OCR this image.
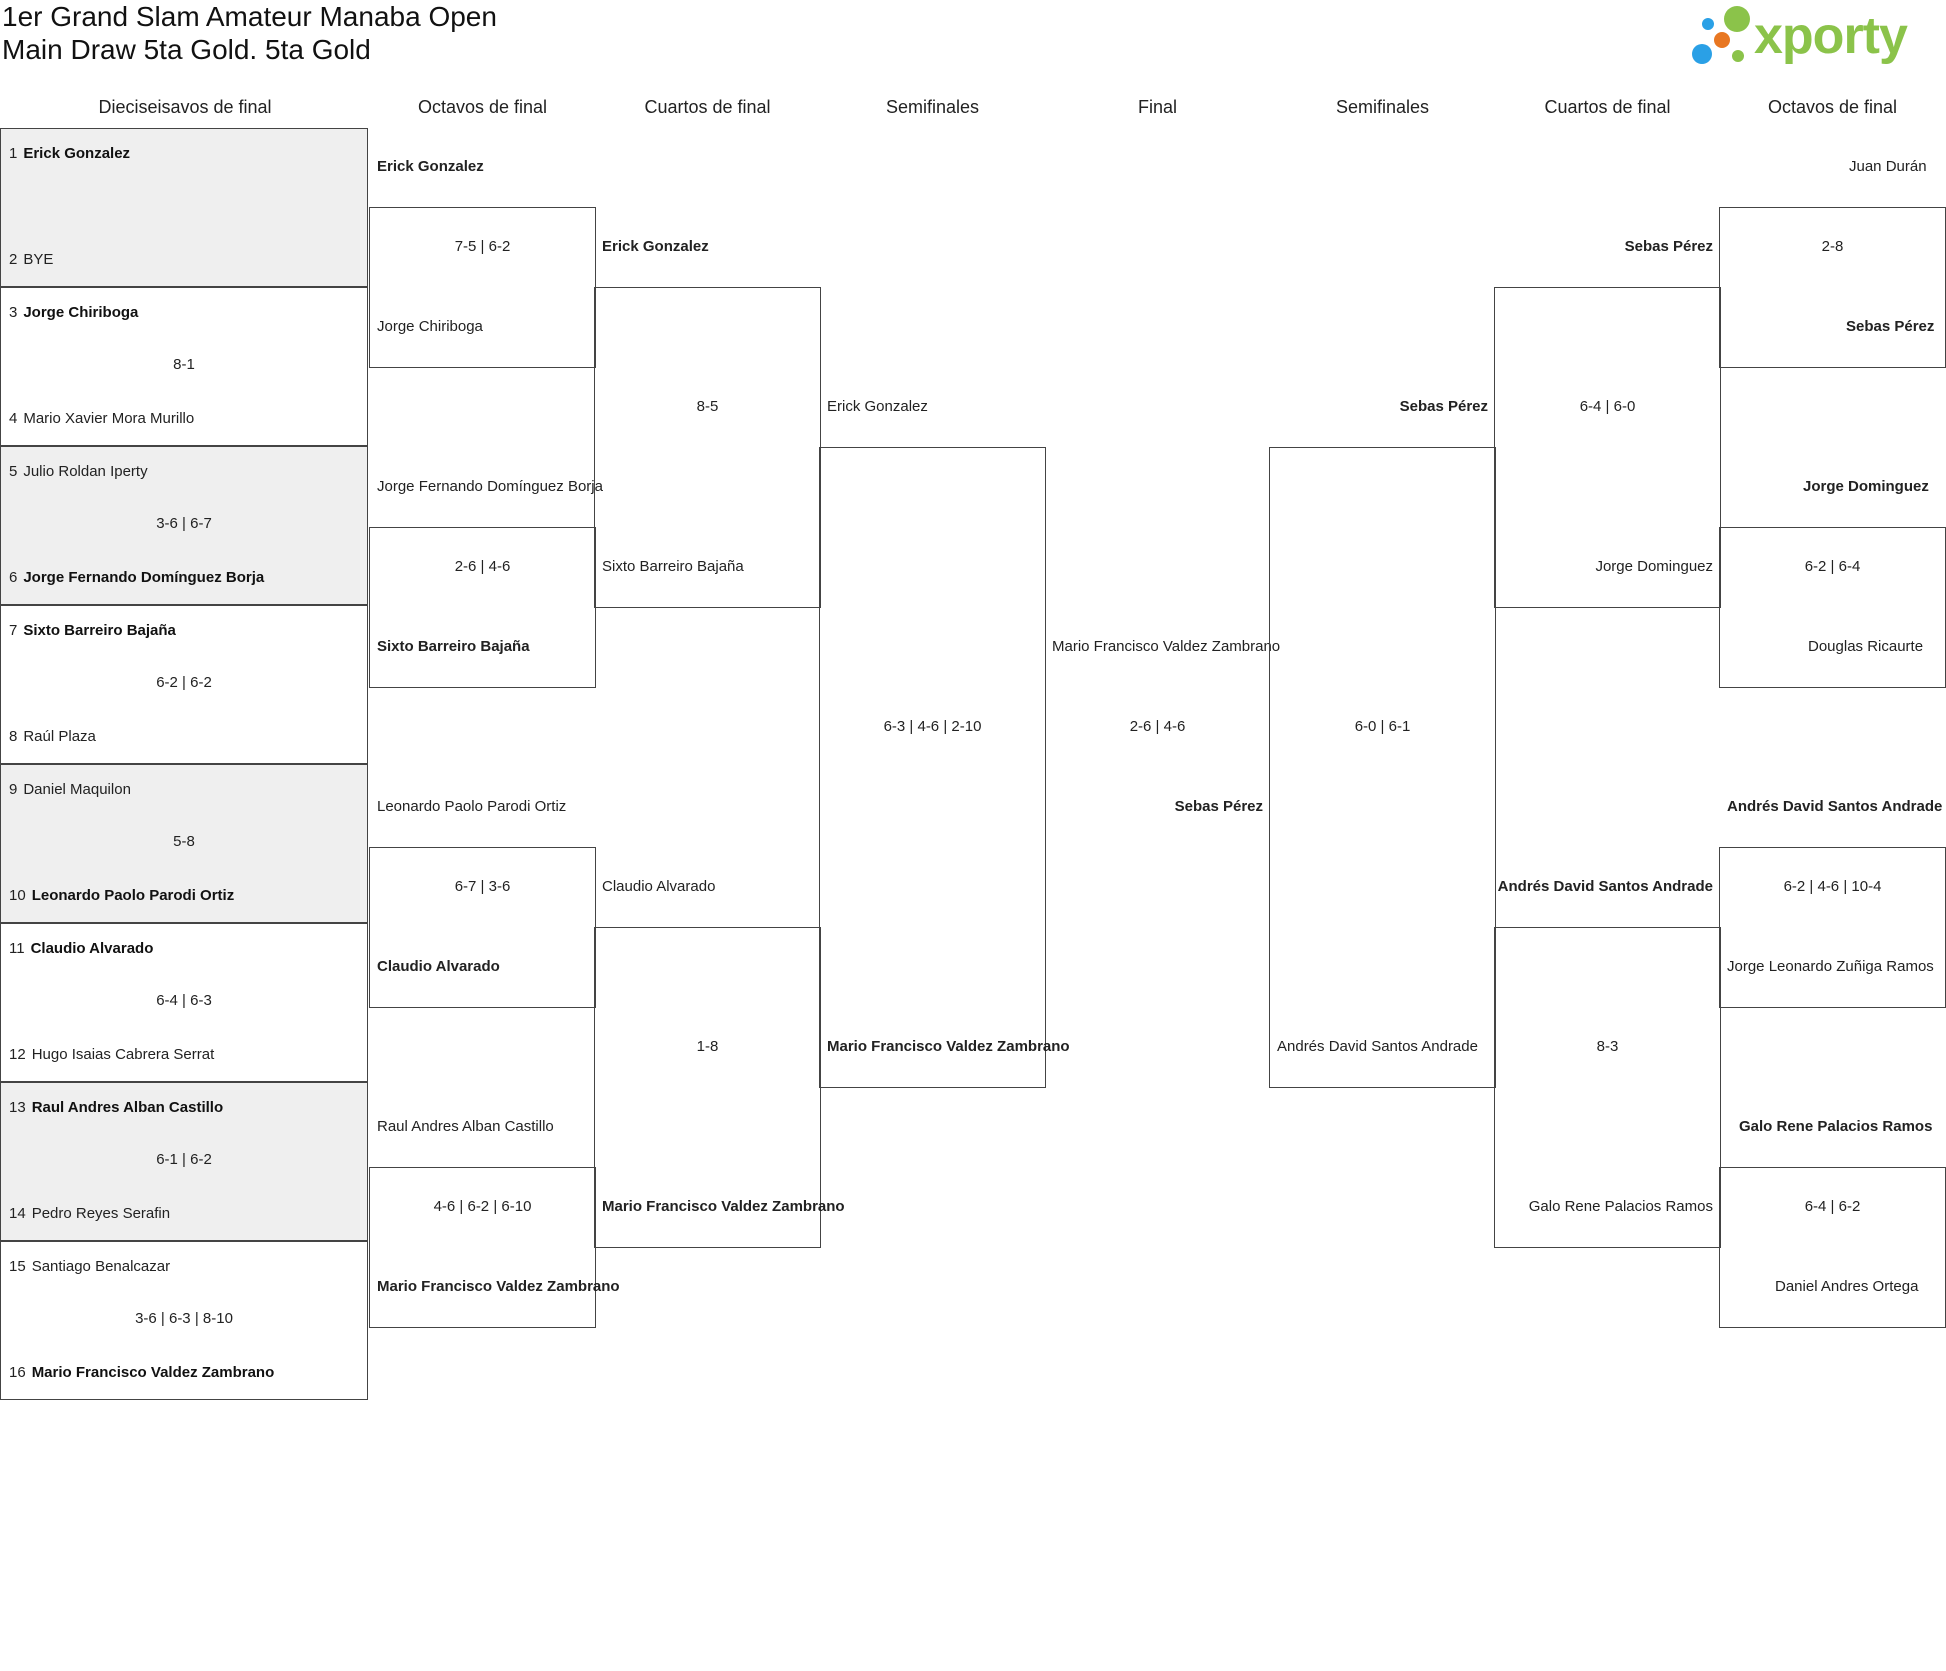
1er Grand Slam Amateur Manaba Open
Main Draw 5ta Gold. 5ta Gold	xporty
Dieciseisavos de final	Octavos de final	Cuartos de final	Semifinales	Final	Semifinales	Cuartos de final	Octavos de final
1 Erick Gonzalez
2 BYE
3 Jorge Chiriboga
8-1
4 Mario Xavier Mora Murillo
5 Julio Roldan Iperty
3-6 | 6-7
6 Jorge Fernando Domínguez Borja
7 Sixto Barreiro Bajaña
6-2 | 6-2
8 Raúl Plaza
9 Daniel Maquilon
5-8
10 Leonardo Paolo Parodi Ortiz
11 Claudio Alvarado
6-4 | 6-3
12 Hugo Isaias Cabrera Serrat
13 Raul Andres Alban Castillo
6-1 | 6-2
14 Pedro Reyes Serafin
15 Santiago Benalcazar
3-6 | 6-3 | 8-10
16 Mario Francisco Valdez Zambrano
Erick Gonzalez
7-5 | 6-2
Jorge Chiriboga
Jorge Fernando Domínguez Borja
2-6 | 4-6
Sixto Barreiro Bajaña
Leonardo Paolo Parodi Ortiz
6-7 | 3-6
Claudio Alvarado
Raul Andres Alban Castillo
4-6 | 6-2 | 6-10
Mario Francisco Valdez Zambrano
Erick Gonzalez
8-5
Sixto Barreiro Bajaña
Claudio Alvarado
1-8
Mario Francisco Valdez Zambrano
Erick Gonzalez
6-3 | 4-6 | 2-10
Mario Francisco Valdez Zambrano
Mario Francisco Valdez Zambrano
2-6 | 4-6
Sebas Pérez
Sebas Pérez
6-0 | 6-1
Andrés David Santos Andrade
Sebas Pérez
6-4 | 6-0
Jorge Dominguez
Andrés David Santos Andrade
8-3
Galo Rene Palacios Ramos
Juan Durán
2-8
Sebas Pérez
Jorge Dominguez
6-2 | 6-4
Douglas Ricaurte
Andrés David Santos Andrade
6-2 | 4-6 | 10-4
Jorge Leonardo Zuñiga Ramos
Galo Rene Palacios Ramos
6-4 | 6-2
Daniel Andres Ortega
